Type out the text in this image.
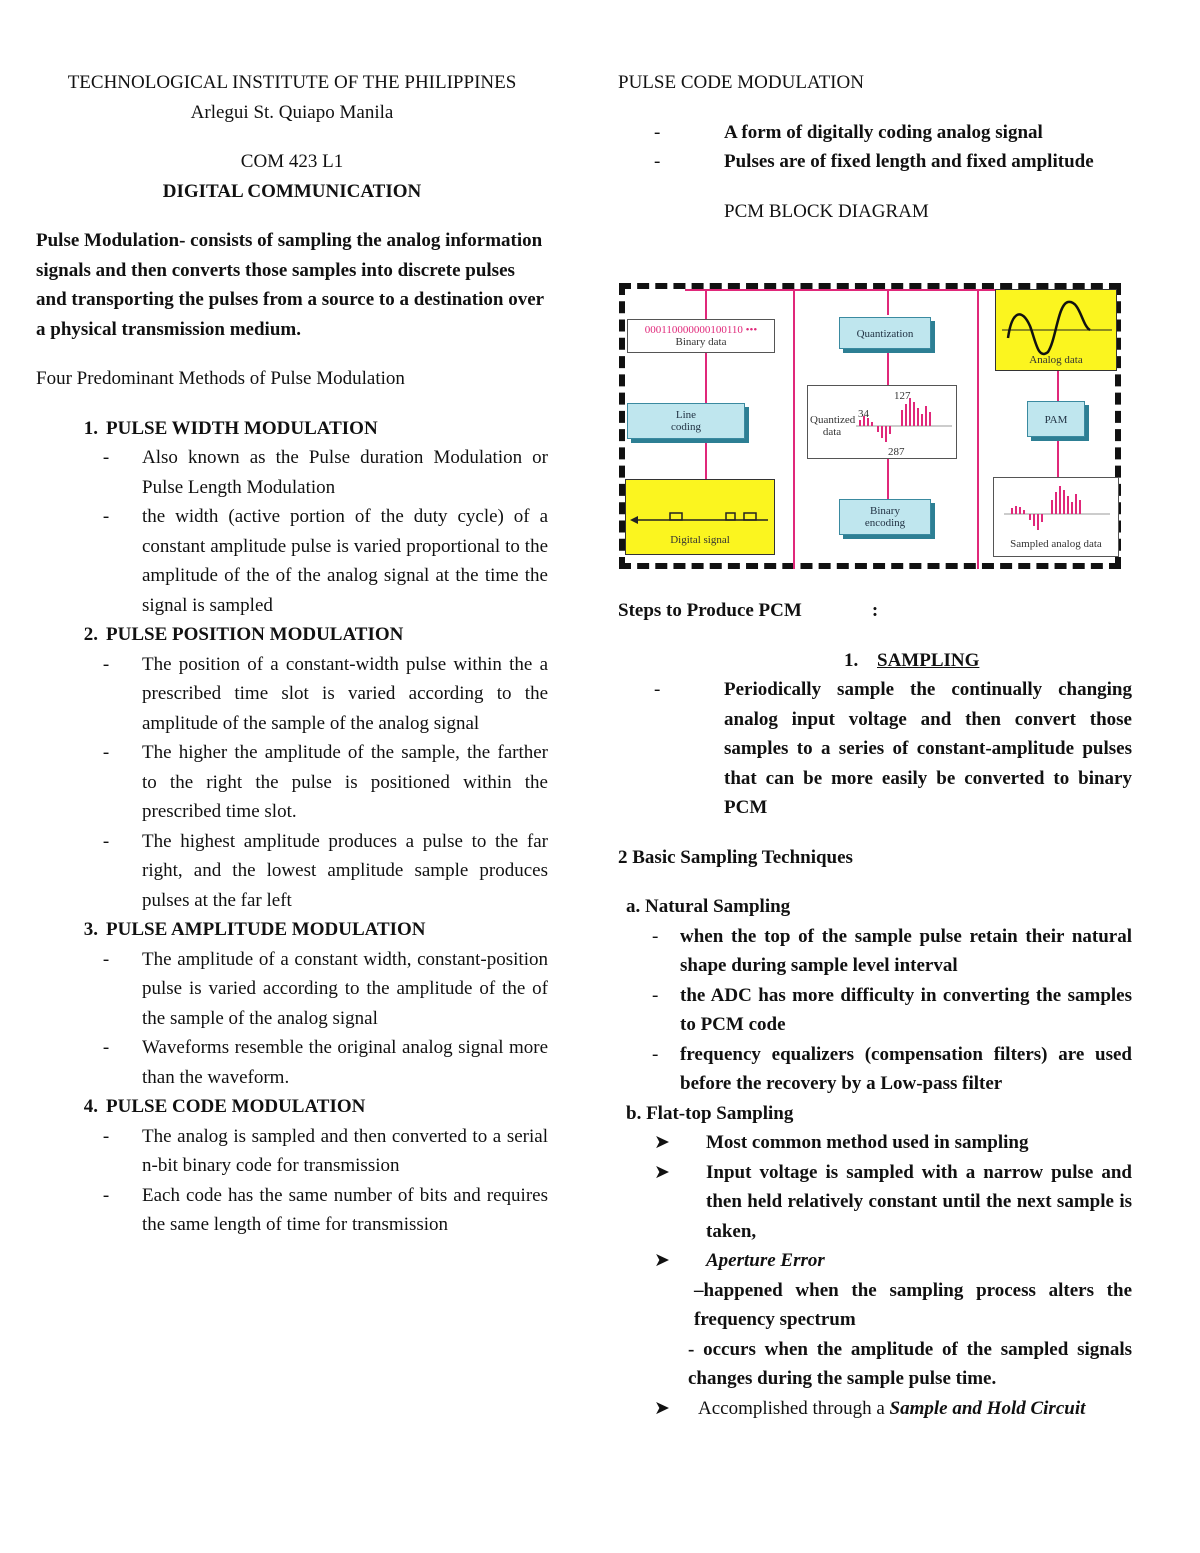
TECHNOLOGICAL INSTITUTE OF THE PHILIPPINES

Arlegui St. Quiapo Manila

COM 423 L1

DIGITAL COMMUNICATION

Pulse Modulation- consists of sampling the analog information signals and then converts those samples into discrete pulses and transporting the pulses from a source to a destination over a physical transmission medium.

Four Predominant Methods of Pulse Modulation

1. PULSE WIDTH MODULATION
-	Also known as the Pulse duration Modulation or Pulse Length Modulation
-	the width (active portion of the duty cycle) of a constant amplitude pulse is varied proportional to the amplitude of the of the analog signal at the time the signal is sampled
2. PULSE POSITION MODULATION
-	The position of a constant-width pulse within the a prescribed time slot is varied according to the amplitude of the sample of the analog signal
-	The higher the amplitude of the sample, the farther to the right the pulse is positioned within the prescribed time slot.
-	The highest amplitude produces a pulse to the far right, and the lowest amplitude sample produces pulses at the far left
3. PULSE AMPLITUDE MODULATION
-	The amplitude of a constant width, constant-position pulse is varied according to the amplitude of the of the sample of the analog signal
-	Waveforms resemble the original analog signal more than the waveform.
4. PULSE CODE MODULATION
-	The analog is sampled and then converted to a serial n-bit binary code for transmission
-	Each code has the same number of bits and requires the same length of time for transmission

PULSE CODE MODULATION

-	A form of digitally coding analog signal
-	Pulses are of fixed length and fixed amplitude

PCM BLOCK DIAGRAM

000110000000100110 •••
Binary data
Line
coding
Digital signal
Quantization
Quantized
data
127
34
287
Binary
encoding
Analog data
PAM
Sampled analog data

Steps to Produce PCM	:

1. SAMPLING

-	Periodically sample the continually changing analog input voltage and then convert those samples to a series of constant-amplitude pulses that can be more easily be converted to binary PCM

2 Basic Sampling Techniques

a. Natural Sampling

-	when the top of the sample pulse retain their natural shape during sample level interval
-	the ADC has more difficulty in converting the samples to PCM code
-	frequency equalizers (compensation filters) are used before the recovery by a Low-pass filter

b. Flat-top Sampling

➤	Most common method used in sampling
➤	Input voltage is sampled with a narrow pulse and then held relatively constant until the next sample is taken,
➤	Aperture Error

–happened when the sampling process alters the frequency spectrum

- occurs when the amplitude of the sampled signals changes during the sample pulse time.

➤	Accomplished through a Sample and Hold Circuit
